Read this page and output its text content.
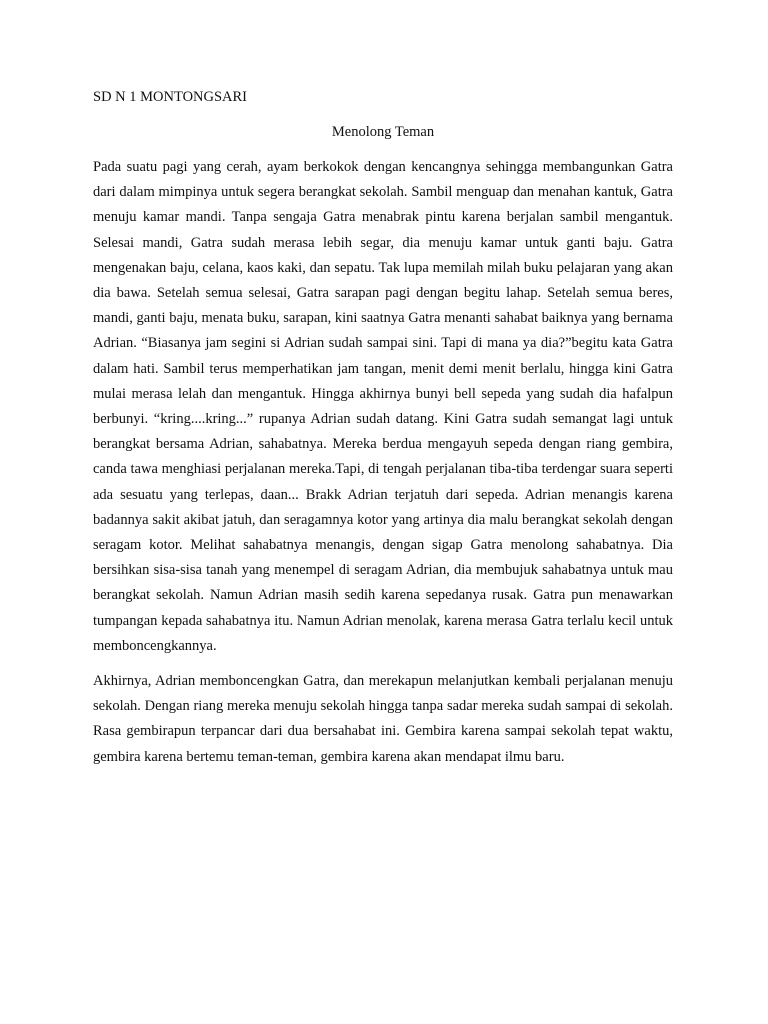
SD N 1 MONTONGSARI
Menolong Teman

Pada suatu pagi yang cerah, ayam berkokok dengan kencangnya sehingga membangunkan Gatra dari dalam mimpinya untuk segera berangkat sekolah. Sambil menguap dan menahan kantuk, Gatra menuju kamar mandi. Tanpa sengaja Gatra menabrak pintu karena berjalan sambil mengantuk. Selesai mandi, Gatra sudah merasa lebih segar, dia menuju kamar untuk ganti baju. Gatra mengenakan baju, celana, kaos kaki, dan sepatu. Tak lupa memilah milah buku pelajaran yang akan dia bawa. Setelah semua selesai, Gatra sarapan pagi dengan begitu lahap. Setelah semua beres, mandi, ganti baju, menata buku, sarapan, kini saatnya Gatra menanti sahabat baiknya yang bernama Adrian. “Biasanya jam segini si Adrian sudah sampai sini. Tapi di mana ya dia?”begitu kata Gatra dalam hati. Sambil terus memperhatikan jam tangan, menit demi menit berlalu, hingga kini Gatra mulai merasa lelah dan mengantuk. Hingga akhirnya bunyi bell sepeda yang sudah dia hafalpun berbunyi. “kring....kring...” rupanya Adrian sudah datang. Kini Gatra sudah semangat lagi untuk berangkat bersama Adrian, sahabatnya. Mereka berdua mengayuh sepeda dengan riang gembira, canda tawa menghiasi perjalanan mereka.Tapi, di tengah perjalanan tiba-tiba terdengar suara seperti ada sesuatu yang terlepas, daan... Brakk Adrian terjatuh dari sepeda. Adrian menangis karena badannya sakit akibat jatuh, dan seragamnya kotor yang artinya dia malu berangkat sekolah dengan seragam kotor. Melihat sahabatnya menangis, dengan sigap Gatra menolong sahabatnya. Dia bersihkan sisa-sisa tanah yang menempel di seragam Adrian, dia membujuk sahabatnya untuk mau berangkat sekolah. Namun Adrian masih sedih karena sepedanya rusak. Gatra pun menawarkan tumpangan kepada sahabatnya itu. Namun Adrian menolak, karena merasa Gatra terlalu kecil untuk memboncengkannya.

Akhirnya, Adrian memboncengkan Gatra, dan merekapun melanjutkan kembali perjalanan menuju sekolah. Dengan riang mereka menuju sekolah hingga tanpa sadar mereka sudah sampai di sekolah. Rasa gembirapun terpancar dari dua bersahabat ini. Gembira karena sampai sekolah tepat waktu, gembira karena bertemu teman-teman, gembira karena akan mendapat ilmu baru.
